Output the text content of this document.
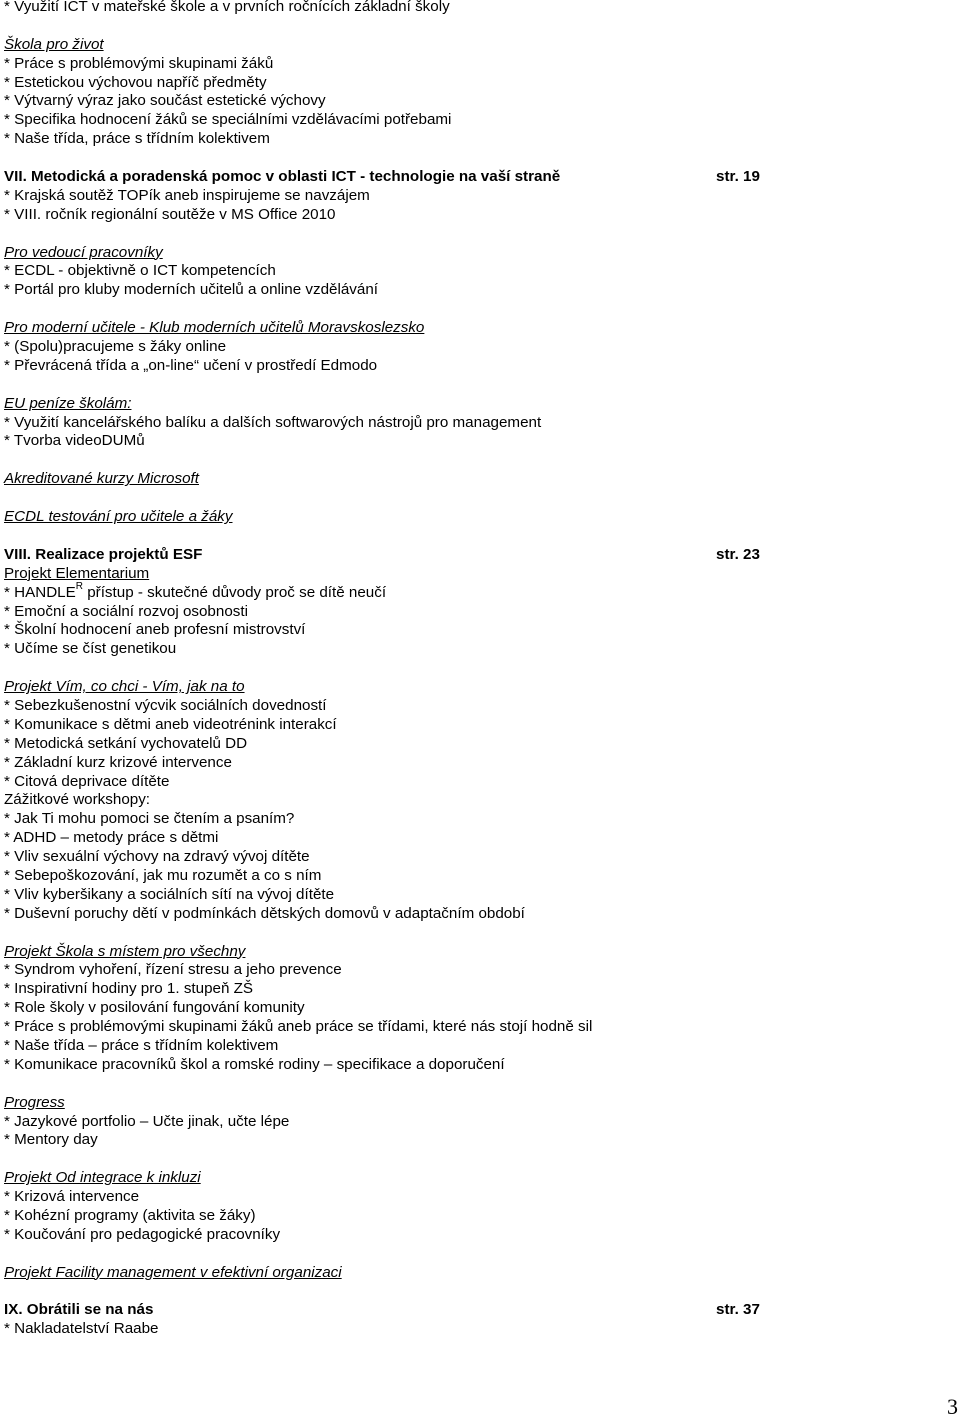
* Využití ICT v mateřské škole a v prvních ročnících základní školy
Škola pro život
* Práce s problémovými skupinami žáků
* Estetickou výchovou napříč předměty
* Výtvarný výraz jako součást estetické výchovy
* Specifika hodnocení žáků se speciálními vzdělávacími potřebami
* Naše třída, práce s třídním kolektivem
VII. Metodická a poradenská pomoc v oblasti ICT - technologie na vaší straně	str. 19
* Krajská soutěž TOPík aneb inspirujeme se navzájem
* VIII. ročník regionální soutěže v MS Office 2010
Pro vedoucí pracovníky
* ECDL - objektivně o ICT kompetencích
* Portál pro kluby moderních učitelů a online vzdělávání
Pro moderní učitele - Klub moderních učitelů Moravskoslezsko
* (Spolu)pracujeme s žáky online
* Převrácená třída a „on-line“ učení v prostředí Edmodo
EU peníze školám:
* Využití kancelářského balíku a dalších softwarových nástrojů pro management
* Tvorba videoDUMů
Akreditované kurzy Microsoft
ECDL testování pro učitele a žáky
VIII. Realizace projektů ESF	str. 23
Projekt Elementarium
* $HANDLE^R$ přístup - skutečné důvody proč se dítě neučí
* Emoční a sociální rozvoj osobnosti
* Školní hodnocení aneb profesní mistrovství
* Učíme se číst genetikou
Projekt Vím, co chci - Vím, jak na to
* Sebezkušenostní výcvik sociálních dovedností
* Komunikace s dětmi aneb videotrénink interakcí
* Metodická setkání vychovatelů DD
* Základní kurz krizové intervence
* Citová deprivace dítěte
Zážitkové workshopy:
* Jak Ti mohu pomoci se čtením a psaním?
* ADHD – metody práce s dětmi
* Vliv sexuální výchovy na zdravý vývoj dítěte
* Sebepoškozování, jak mu rozumět a co s ním
* Vliv kyberšikany a sociálních sítí na vývoj dítěte
* Duševní poruchy dětí v podmínkách dětských domovů v adaptačním období
Projekt Škola s místem pro všechny
* Syndrom vyhoření, řízení stresu a jeho prevence
* Inspirativní hodiny pro 1. stupeň ZŠ
* Role školy v posilování fungování komunity
* Práce s problémovými skupinami žáků aneb práce se třídami, které nás stojí hodně sil
* Naše třída – práce s třídním kolektivem
* Komunikace pracovníků škol a romské rodiny – specifikace a doporučení
Progress
* Jazykové portfolio – Učte jinak, učte lépe
* Mentory day
Projekt Od integrace k inkluzi
* Krizová intervence
* Kohézní programy (aktivita se žáky)
* Koučování pro pedagogické pracovníky
Projekt Facility management v efektivní organizaci
IX. Obrátili se na nás	str. 37
* Nakladatelství Raabe
3
